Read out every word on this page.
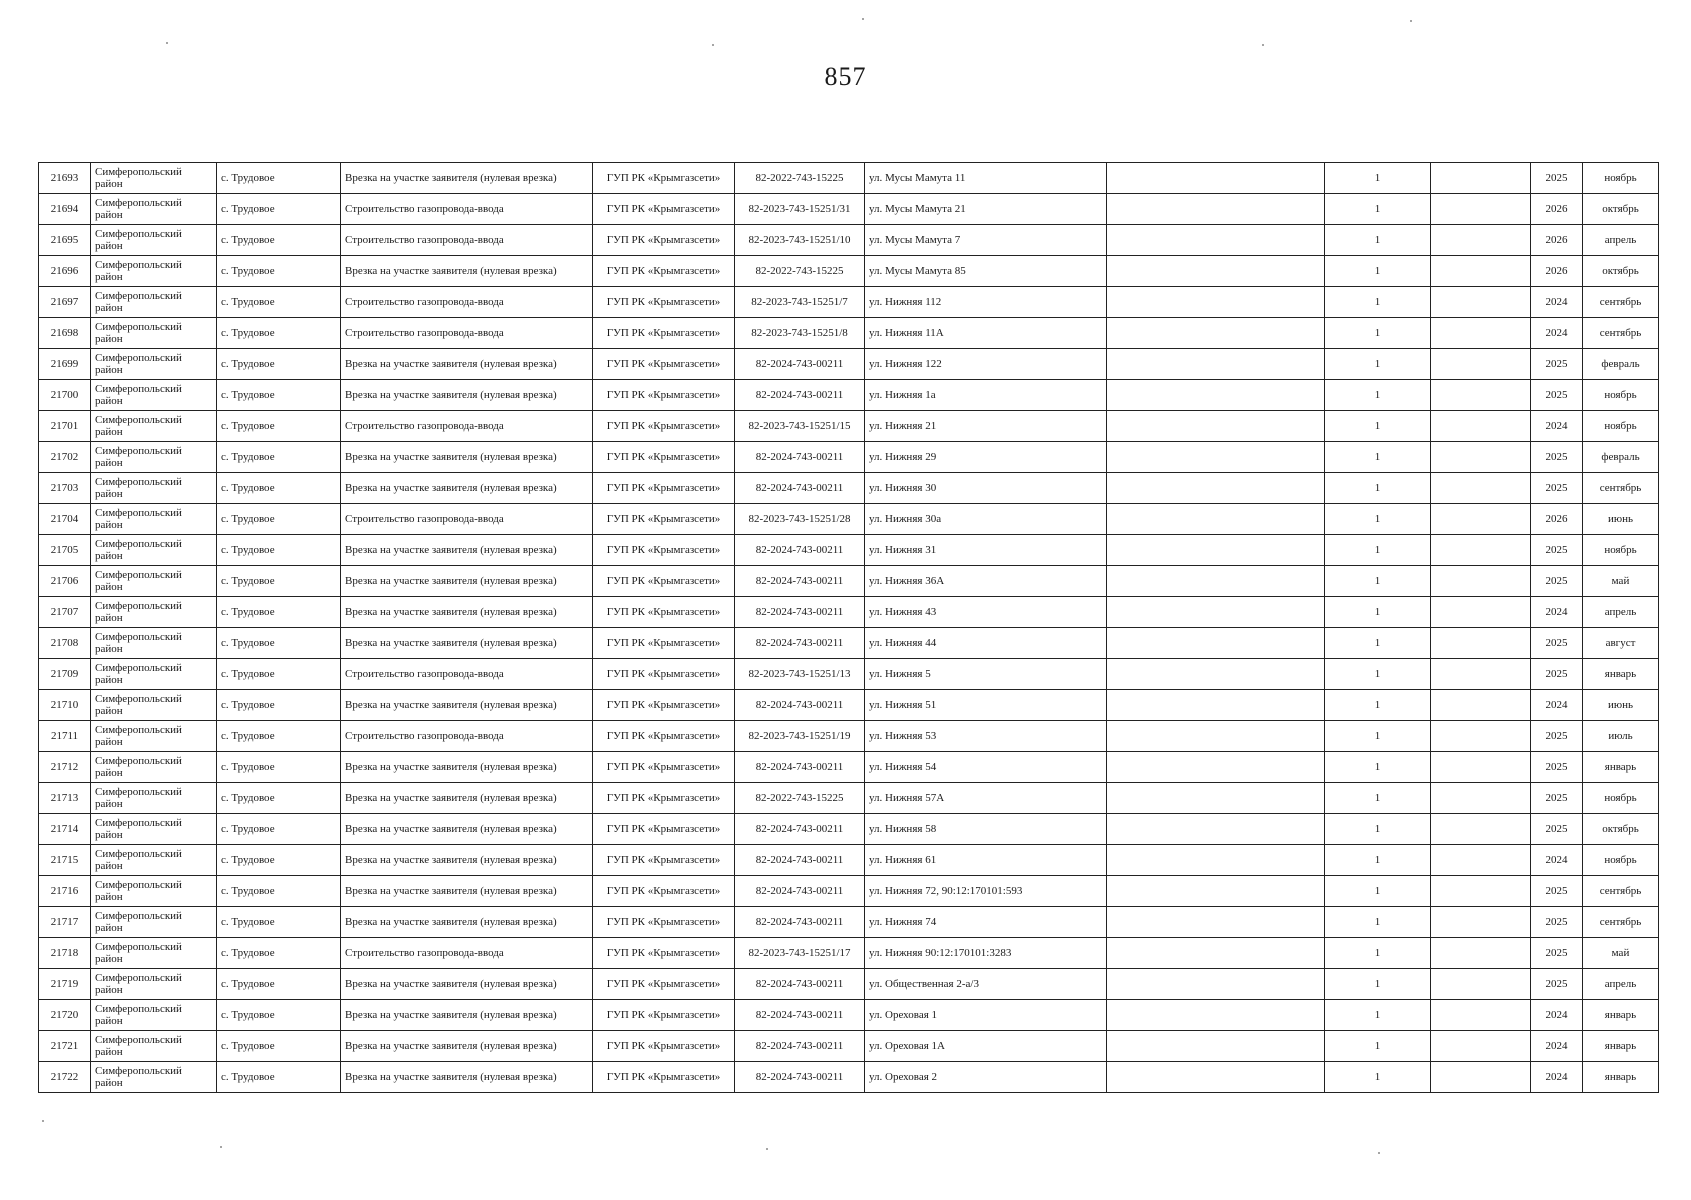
857
21693	Симферопольский район	с. Трудовое	Врезка на участке заявителя (нулевая врезка)	ГУП РК «Крымгазсети»	82-2022-743-15225	ул. Мусы Мамута 11		1		2025	ноябрь
21694	Симферопольский район	с. Трудовое	Строительство газопровода-ввода	ГУП РК «Крымгазсети»	82-2023-743-15251/31	ул. Мусы Мамута 21		1		2026	октябрь
21695	Симферопольский район	с. Трудовое	Строительство газопровода-ввода	ГУП РК «Крымгазсети»	82-2023-743-15251/10	ул. Мусы Мамута 7		1		2026	апрель
21696	Симферопольский район	с. Трудовое	Врезка на участке заявителя (нулевая врезка)	ГУП РК «Крымгазсети»	82-2022-743-15225	ул. Мусы Мамута 85		1		2026	октябрь
21697	Симферопольский район	с. Трудовое	Строительство газопровода-ввода	ГУП РК «Крымгазсети»	82-2023-743-15251/7	ул. Нижняя 112		1		2024	сентябрь
21698	Симферопольский район	с. Трудовое	Строительство газопровода-ввода	ГУП РК «Крымгазсети»	82-2023-743-15251/8	ул. Нижняя 11А		1		2024	сентябрь
21699	Симферопольский район	с. Трудовое	Врезка на участке заявителя (нулевая врезка)	ГУП РК «Крымгазсети»	82-2024-743-00211	ул. Нижняя 122		1		2025	февраль
21700	Симферопольский район	с. Трудовое	Врезка на участке заявителя (нулевая врезка)	ГУП РК «Крымгазсети»	82-2024-743-00211	ул. Нижняя 1а		1		2025	ноябрь
21701	Симферопольский район	с. Трудовое	Строительство газопровода-ввода	ГУП РК «Крымгазсети»	82-2023-743-15251/15	ул. Нижняя 21		1		2024	ноябрь
21702	Симферопольский район	с. Трудовое	Врезка на участке заявителя (нулевая врезка)	ГУП РК «Крымгазсети»	82-2024-743-00211	ул. Нижняя 29		1		2025	февраль
21703	Симферопольский район	с. Трудовое	Врезка на участке заявителя (нулевая врезка)	ГУП РК «Крымгазсети»	82-2024-743-00211	ул. Нижняя 30		1		2025	сентябрь
21704	Симферопольский район	с. Трудовое	Строительство газопровода-ввода	ГУП РК «Крымгазсети»	82-2023-743-15251/28	ул. Нижняя 30а		1		2026	июнь
21705	Симферопольский район	с. Трудовое	Врезка на участке заявителя (нулевая врезка)	ГУП РК «Крымгазсети»	82-2024-743-00211	ул. Нижняя 31		1		2025	ноябрь
21706	Симферопольский район	с. Трудовое	Врезка на участке заявителя (нулевая врезка)	ГУП РК «Крымгазсети»	82-2024-743-00211	ул. Нижняя 36А		1		2025	май
21707	Симферопольский район	с. Трудовое	Врезка на участке заявителя (нулевая врезка)	ГУП РК «Крымгазсети»	82-2024-743-00211	ул. Нижняя 43		1		2024	апрель
21708	Симферопольский район	с. Трудовое	Врезка на участке заявителя (нулевая врезка)	ГУП РК «Крымгазсети»	82-2024-743-00211	ул. Нижняя 44		1		2025	август
21709	Симферопольский район	с. Трудовое	Строительство газопровода-ввода	ГУП РК «Крымгазсети»	82-2023-743-15251/13	ул. Нижняя 5		1		2025	январь
21710	Симферопольский район	с. Трудовое	Врезка на участке заявителя (нулевая врезка)	ГУП РК «Крымгазсети»	82-2024-743-00211	ул. Нижняя 51		1		2024	июнь
21711	Симферопольский район	с. Трудовое	Строительство газопровода-ввода	ГУП РК «Крымгазсети»	82-2023-743-15251/19	ул. Нижняя 53		1		2025	июль
21712	Симферопольский район	с. Трудовое	Врезка на участке заявителя (нулевая врезка)	ГУП РК «Крымгазсети»	82-2024-743-00211	ул. Нижняя 54		1		2025	январь
21713	Симферопольский район	с. Трудовое	Врезка на участке заявителя (нулевая врезка)	ГУП РК «Крымгазсети»	82-2022-743-15225	ул. Нижняя 57А		1		2025	ноябрь
21714	Симферопольский район	с. Трудовое	Врезка на участке заявителя (нулевая врезка)	ГУП РК «Крымгазсети»	82-2024-743-00211	ул. Нижняя 58		1		2025	октябрь
21715	Симферопольский район	с. Трудовое	Врезка на участке заявителя (нулевая врезка)	ГУП РК «Крымгазсети»	82-2024-743-00211	ул. Нижняя 61		1		2024	ноябрь
21716	Симферопольский район	с. Трудовое	Врезка на участке заявителя (нулевая врезка)	ГУП РК «Крымгазсети»	82-2024-743-00211	ул. Нижняя 72, 90:12:170101:593		1		2025	сентябрь
21717	Симферопольский район	с. Трудовое	Врезка на участке заявителя (нулевая врезка)	ГУП РК «Крымгазсети»	82-2024-743-00211	ул. Нижняя 74		1		2025	сентябрь
21718	Симферопольский район	с. Трудовое	Строительство газопровода-ввода	ГУП РК «Крымгазсети»	82-2023-743-15251/17	ул. Нижняя 90:12:170101:3283		1		2025	май
21719	Симферопольский район	с. Трудовое	Врезка на участке заявителя (нулевая врезка)	ГУП РК «Крымгазсети»	82-2024-743-00211	ул. Общественная 2-а/3		1		2025	апрель
21720	Симферопольский район	с. Трудовое	Врезка на участке заявителя (нулевая врезка)	ГУП РК «Крымгазсети»	82-2024-743-00211	ул. Ореховая 1		1		2024	январь
21721	Симферопольский район	с. Трудовое	Врезка на участке заявителя (нулевая врезка)	ГУП РК «Крымгазсети»	82-2024-743-00211	ул. Ореховая 1А		1		2024	январь
21722	Симферопольский район	с. Трудовое	Врезка на участке заявителя (нулевая врезка)	ГУП РК «Крымгазсети»	82-2024-743-00211	ул. Ореховая 2		1		2024	январь
